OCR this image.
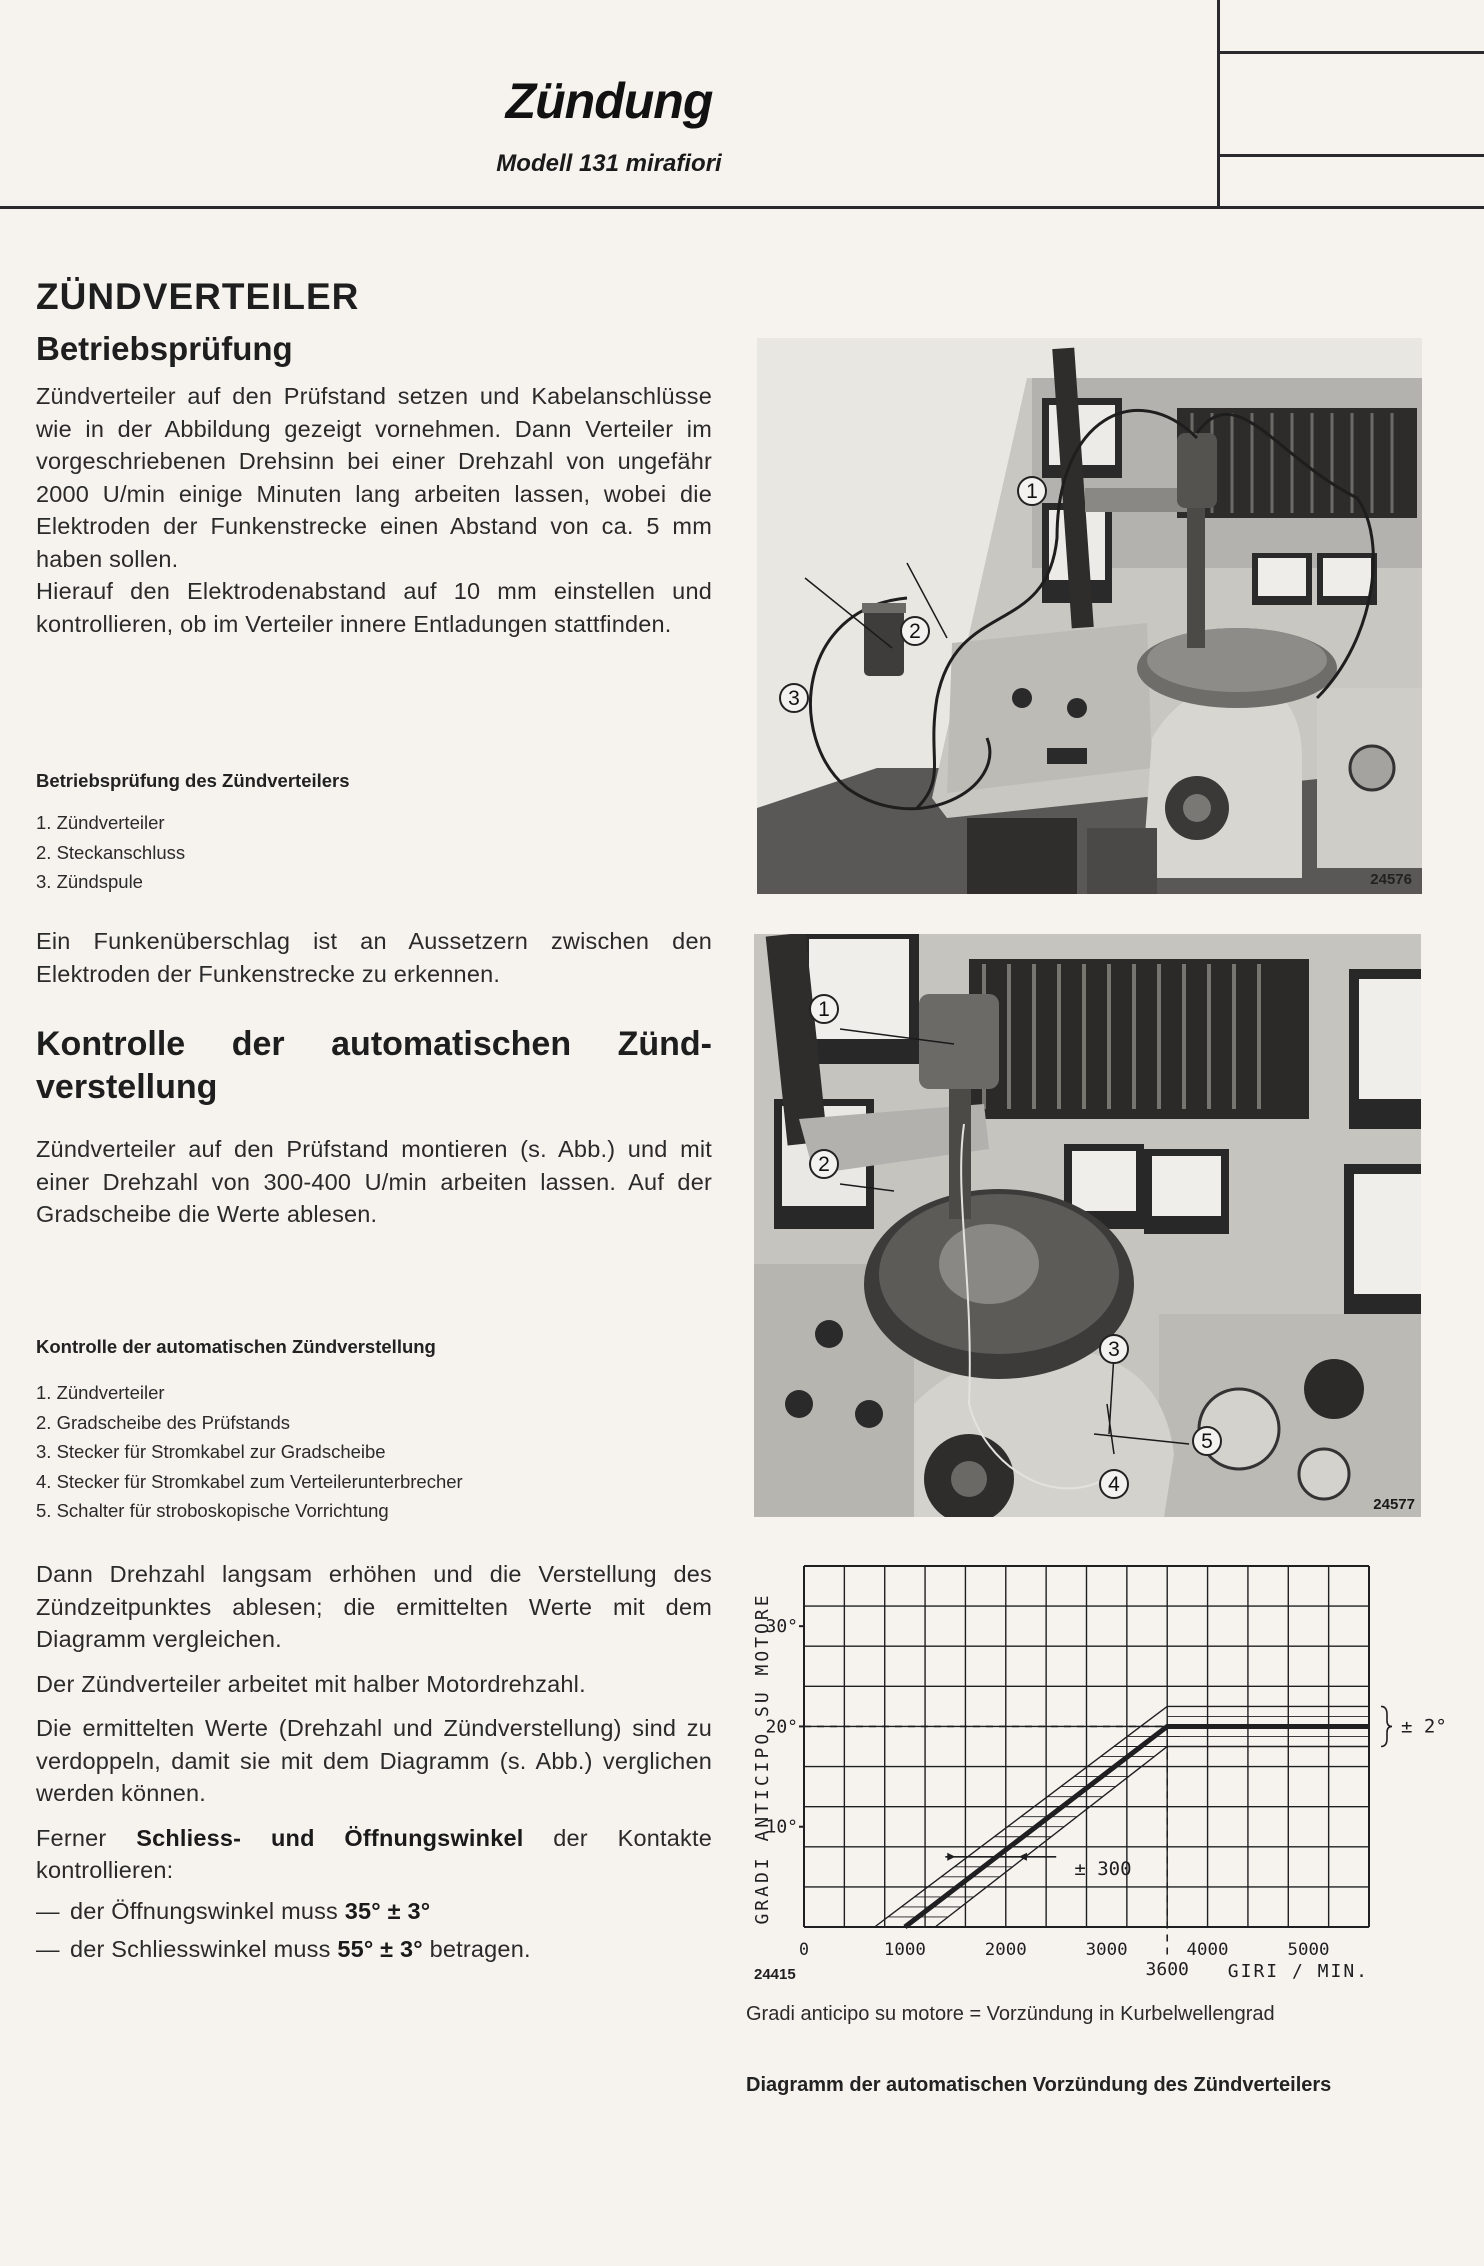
Zündung
Modell 131 mirafiori
ZÜNDVERTEILER
Betriebsprüfung

Zündverteiler auf den Prüfstand setzen und Kabelanschlüsse wie in der Abbildung gezeigt vornehmen. Dann Verteiler im vorgeschriebenen Drehsinn bei einer Drehzahl von ungefähr 2000 U/min einige Minuten lang arbeiten lassen, wobei die Elektroden der Funkenstrecke einen Abstand von ca. 5 mm haben sollen.

Hierauf den Elektrodenabstand auf 10 mm einstellen und kontrollieren, ob im Verteiler innere Entladungen stattfinden.

Betriebsprüfung des Zündverteilers
1. Zündverteiler
2. Steckanschluss
3. Zündspule

Ein Funkenüberschlag ist an Aussetzern zwischen den Elektroden der Funkenstrecke zu erkennen.

Kontrolle der automatischen Zünd-verstellung

Zündverteiler auf den Prüfstand montieren (s. Abb.) und mit einer Drehzahl von 300-400 U/min arbeiten lassen. Auf der Gradscheibe die Werte ablesen.

Kontrolle der automatischen Zündverstellung
1. Zündverteiler
2. Gradscheibe des Prüfstands
3. Stecker für Stromkabel zur Gradscheibe
4. Stecker für Stromkabel zum Verteilerunterbrecher
5. Schalter für stroboskopische Vorrichtung

Dann Drehzahl langsam erhöhen und die Verstellung des Zündzeitpunktes ablesen; die ermittelten Werte mit dem Diagramm vergleichen.

Der Zündverteiler arbeitet mit halber Motordrehzahl.

Die ermittelten Werte (Drehzahl und Zündverstellung) sind zu verdoppeln, damit sie mit dem Diagramm (s. Abb.) verglichen werden können.

Ferner Schliess- und Öffnungswinkel der Kontakte kontrollieren:

— der Öffnungswinkel muss 35° ± 3°

— der Schliesswinkel muss 55° ± 3° betragen.

1
2
3
24576
1
2
3
4
5
24577
0	1000	2000	3000	4000	5000
10°
20°
30°
3600 GIRI / MIN.
± 300
± 2°
24415
GRADI ANTICIPO SU MOTORE
Gradi anticipo su motore = Vorzündung in Kurbelwellengrad
Diagramm der automatischen Vorzündung des Zündverteilers
